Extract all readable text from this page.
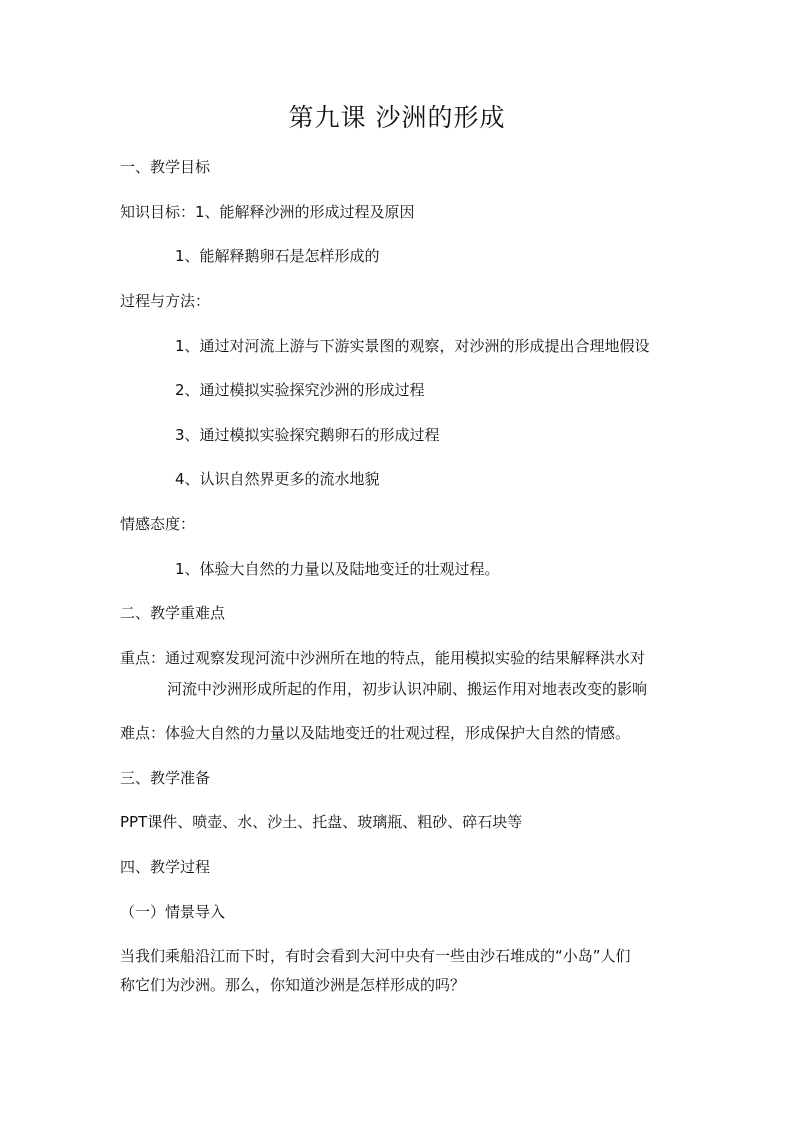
第九课 沙洲的形成
一、教学目标
知识目标：1、能解释沙洲的形成过程及原因
1、能解释鹅卵石是怎样形成的
过程与方法：
1、通过对河流上游与下游实景图的观察，对沙洲的形成提出合理地假设
2、通过模拟实验探究沙洲的形成过程
3、通过模拟实验探究鹅卵石的形成过程
4、认识自然界更多的流水地貌
情感态度：
1、体验大自然的力量以及陆地变迁的壮观过程。
二、教学重难点
重点：通过观察发现河流中沙洲所在地的特点，能用模拟实验的结果解释洪水对
河流中沙洲形成所起的作用，初步认识冲刷、搬运作用对地表改变的影响
难点：体验大自然的力量以及陆地变迁的壮观过程，形成保护大自然的情感。
三、教学准备
PPT课件、喷壶、水、沙土、托盘、玻璃瓶、粗砂、碎石块等
四、教学过程
（一）情景导入
当我们乘船沿江而下时，有时会看到大河中央有一些由沙石堆成的“小岛”人们
称它们为沙洲。那么，你知道沙洲是怎样形成的吗？
